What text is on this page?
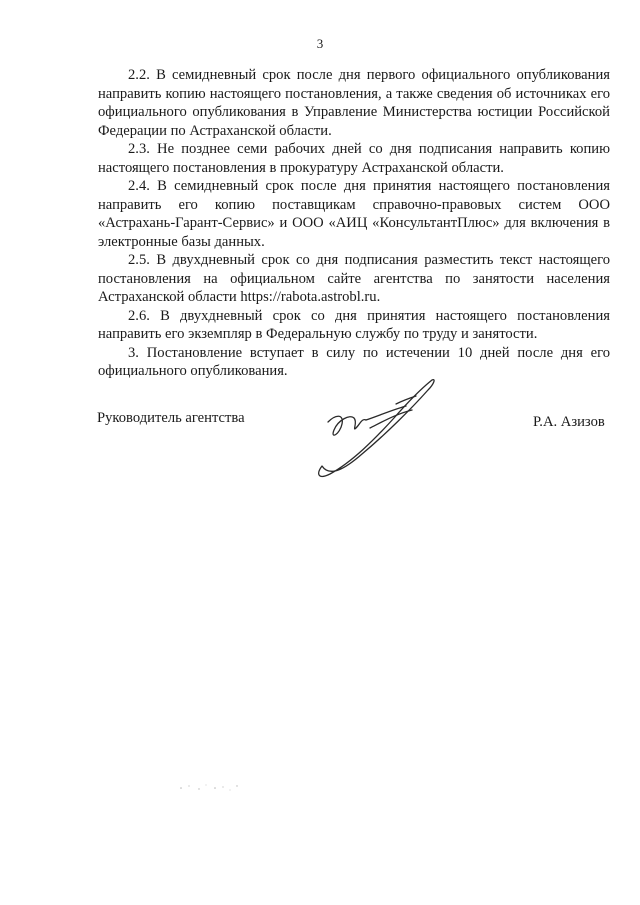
3

2.2. В семидневный срок после дня первого официального опубликования направить копию настоящего постановления, а также сведения об источниках его официального опубликования в Управление Министерства юстиции Российской Федерации по Астраханской области.

2.3. Не позднее семи рабочих дней со дня подписания направить копию настоящего постановления в прокуратуру Астраханской области.

2.4. В семидневный срок после дня принятия настоящего постановления направить его копию поставщикам справочно-правовых систем ООО «Астрахань-Гарант-Сервис» и ООО «АИЦ «КонсультантПлюс» для включения в электронные базы данных.

2.5. В двухдневный срок со дня подписания разместить текст настоящего постановления на официальном сайте агентства по занятости населения Астраханской области https://rabota.astrobl.ru.

2.6. В двухдневный срок со дня принятия настоящего постановления направить его экземпляр в Федеральную службу по труду и занятости.

3. Постановление вступает в силу по истечении 10 дней после дня его официального опубликования.

Руководитель агентства	Р.А. Азизов
